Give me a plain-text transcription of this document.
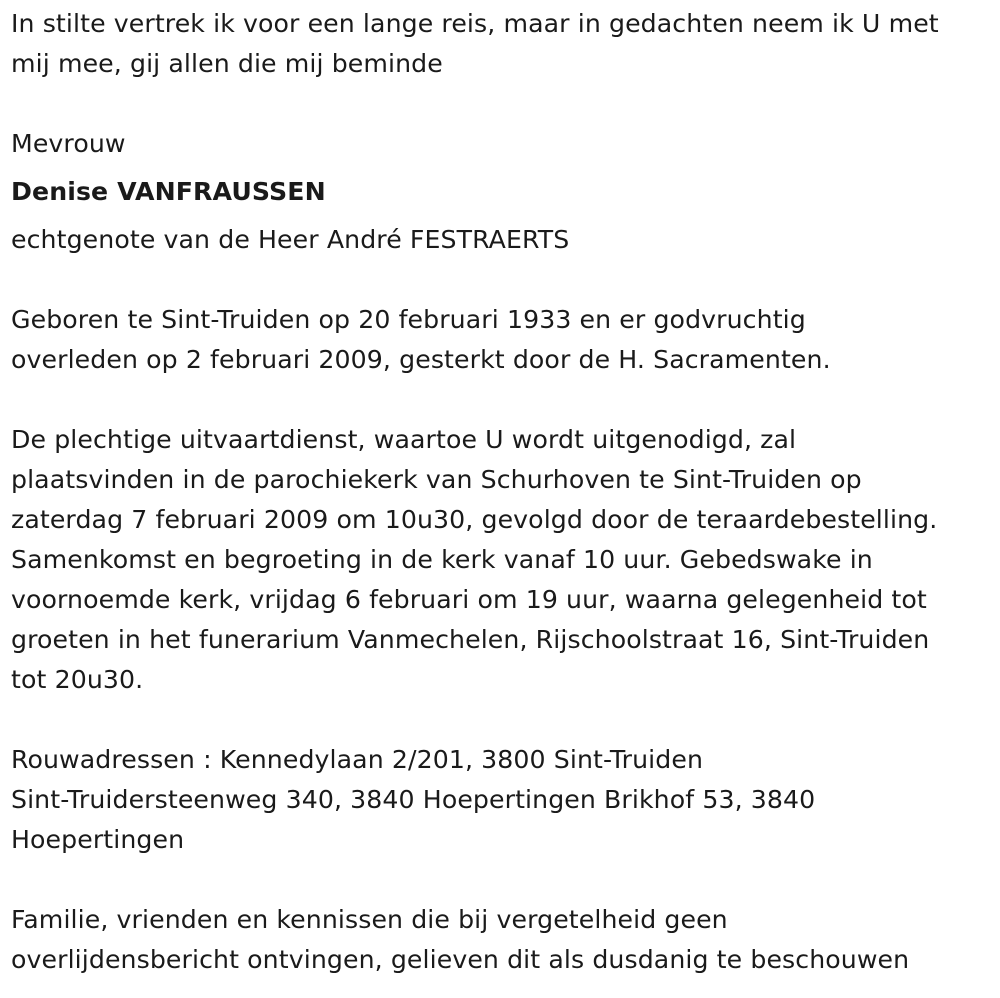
In stilte vertrek ik voor een lange reis, maar in gedachten neem ik U met
mij mee, gij allen die mij beminde
Mevrouw
Denise VANFRAUSSEN
echtgenote van de Heer André FESTRAERTS
Geboren te Sint-Truiden op 20 februari 1933 en er godvruchtig
overleden op 2 februari 2009, gesterkt door de H. Sacramenten.
De plechtige uitvaartdienst, waartoe U wordt uitgenodigd, zal
plaatsvinden in de parochiekerk van Schurhoven te Sint-Truiden op
zaterdag 7 februari 2009 om 10u30, gevolgd door de teraardebestelling.
Samenkomst en begroeting in de kerk vanaf 10 uur. Gebedswake in
voornoemde kerk, vrijdag 6 februari om 19 uur, waarna gelegenheid tot
groeten in het funerarium Vanmechelen, Rijschoolstraat 16, Sint-Truiden
tot 20u30.
Rouwadressen : Kennedylaan 2/201, 3800 Sint-Truiden
Sint-Truidersteenweg 340, 3840 Hoepertingen Brikhof 53, 3840
Hoepertingen
Familie, vrienden en kennissen die bij vergetelheid geen
overlijdensbericht ontvingen, gelieven dit als dusdanig te beschouwen
